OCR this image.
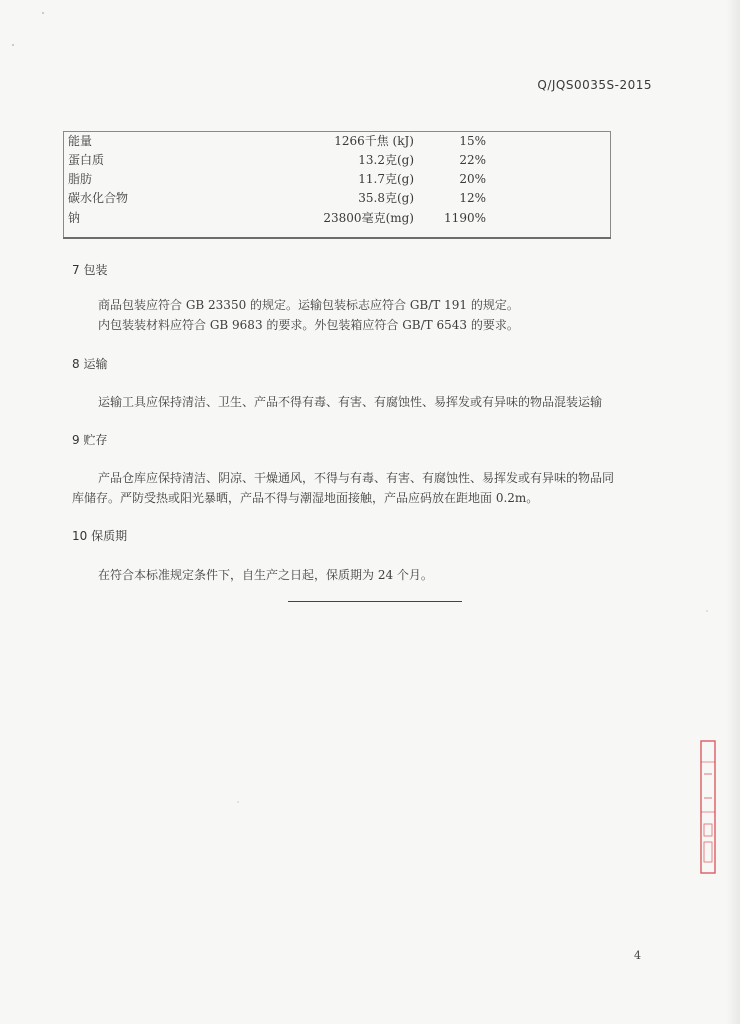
Q/JQS0035S-2015
能量	1266千焦 (kJ)	15%
蛋白质	13.2克(g)	22%
脂肪	11.7克(g)	20%
碳水化合物	35.8克(g)	12%
钠	23800毫克(mg)	1190%
7 包装
商品包装应符合 GB 23350 的规定。运输包装标志应符合 GB/T 191 的规定。
内包装装材料应符合 GB 9683 的要求。外包装箱应符合 GB/T 6543 的要求。
8 运输
运输工具应保持清洁、卫生、产品不得有毒、有害、有腐蚀性、易挥发或有异味的物品混装运输
9 贮存
产品仓库应保持清洁、阴凉、干燥通风，不得与有毒、有害、有腐蚀性、易挥发或有异味的物品同
库储存。严防受热或阳光暴晒，产品不得与潮湿地面接触，产品应码放在距地面 0.2m。
10 保质期
在符合本标准规定条件下，自生产之日起，保质期为 24 个月。
4
